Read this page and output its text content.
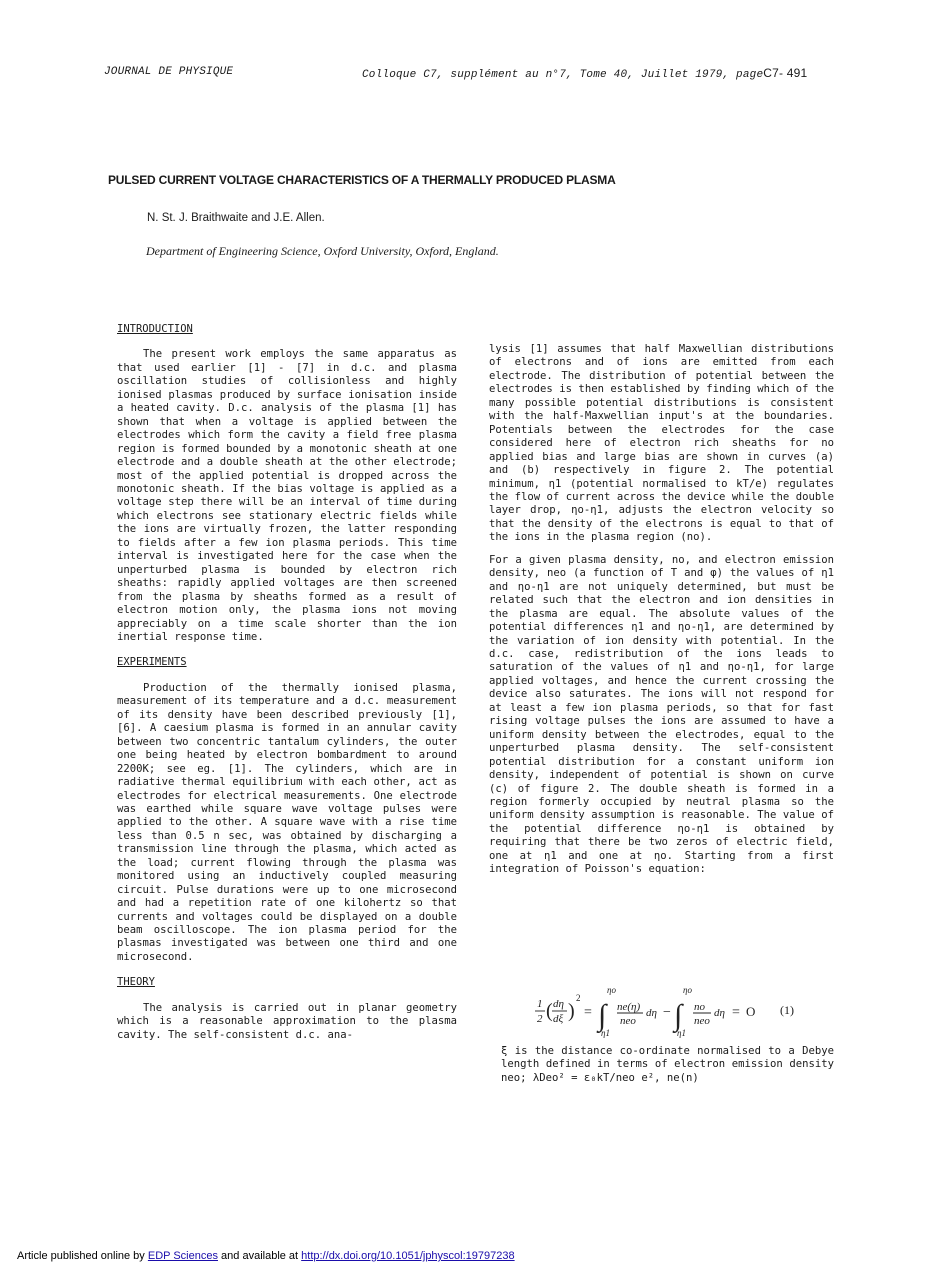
JOURNAL DE PHYSIQUE	Colloque C7, supplément au n°7, Tome 40, Juillet 1979, pageC7- 491
PULSED CURRENT VOLTAGE CHARACTERISTICS OF A THERMALLY PRODUCED PLASMA
N. St. J. Braithwaite and J.E. Allen.
Department of Engineering Science, Oxford University, Oxford, England.
INTRODUCTION

The present work employs the same apparatus as that used earlier [1] - [7] in d.c. and plasma oscillation studies of collisionless and highly ionised plasmas produced by surface ionisation inside a heated cavity. D.c. analysis of the plasma [1] has shown that when a voltage is applied between the electrodes which form the cavity a field free plasma region is formed bounded by a monotonic sheath at one electrode and a double sheath at the other electrode; most of the applied potential is dropped across the monotonic sheath. If the bias voltage is applied as a voltage step there will be an interval of time during which electrons see stationary electric fields while the ions are virtually frozen, the latter responding to fields after a few ion plasma periods. This time interval is investigated here for the case when the unperturbed plasma is bounded by electron rich sheaths: rapidly applied voltages are then screened from the plasma by sheaths formed as a result of electron motion only, the plasma ions not moving appreciably on a time scale shorter than the ion inertial response time.

EXPERIMENTS

Production of the thermally ionised plasma, measurement of its temperature and a d.c. measurement of its density have been described previously [1], [6]. A caesium plasma is formed in an annular cavity between two concentric tantalum cylinders, the outer one being heated by electron bombardment to around 2200K; see eg. [1]. The cylinders, which are in radiative thermal equilibrium with each other, act as electrodes for electrical measurements. One electrode was earthed while square wave voltage pulses were applied to the other. A square wave with a rise time less than 0.5 n sec, was obtained by discharging a transmission line through the plasma, which acted as the load; current flowing through the plasma was monitored using an inductively coupled measuring circuit. Pulse durations were up to one microsecond and had a repetition rate of one kilohertz so that currents and voltages could be displayed on a double beam oscilloscope. The ion plasma period for the plasmas investigated was between one third and one microsecond.

THEORY

The analysis is carried out in planar geometry which is a reasonable approximation to the plasma cavity. The self-consistent d.c. ana-

lysis [1] assumes that half Maxwellian distributions of electrons and of ions are emitted from each electrode. The distribution of potential between the electrodes is then established by finding which of the many possible potential distributions is consistent with the half-Maxwellian input's at the boundaries. Potentials between the electrodes for the case considered here of electron rich sheaths for no applied bias and large bias are shown in curves (a) and (b) respectively in figure 2. The potential minimum, η1 (potential normalised to kT/e) regulates the flow of current across the device while the double layer drop, ηo-η1, adjusts the electron velocity so that the density of the electrons is equal to that of the ions in the plasma region (no).

For a given plasma density, no, and electron emission density, neo (a function of T and φ) the values of η1 and ηo-η1 are not uniquely determined, but must be related such that the electron and ion densities in the plasma are equal. The absolute values of the potential differences η1 and ηo-η1, are determined by the variation of ion density with potential. In the d.c. case, redistribution of the ions leads to saturation of the values of η1 and ηo-η1, for large applied voltages, and hence the current crossing the device also saturates. The ions will not respond for at least a few ion plasma periods, so that for fast rising voltage pulses the ions are assumed to have a uniform density between the electrodes, equal to the unperturbed plasma density. The self-consistent potential distribution for a constant uniform ion density, independent of potential is shown on curve (c) of figure 2. The double sheath is formed in a region formerly occupied by neutral plasma so the uniform density assumption is reasonable. The value of the potential difference ηo-η1 is obtained by requiring that there be two zeros of electric field, one at η1 and one at ηo. Starting from a first integration of Poisson's equation:

1
2 ( dη
dξ )
2
= ∫
ηo
η1
ne(η)
neo
dη − ∫
ηo
η1
no
neo
dη = O (1)

ξ is the distance co-ordinate normalised to a Debye length defined in terms of electron emission density neo; λDeo² = ε₀kT/neo e², ne(n)

Article published online by EDP Sciences and available at http://dx.doi.org/10.1051/jphyscol:19797238
